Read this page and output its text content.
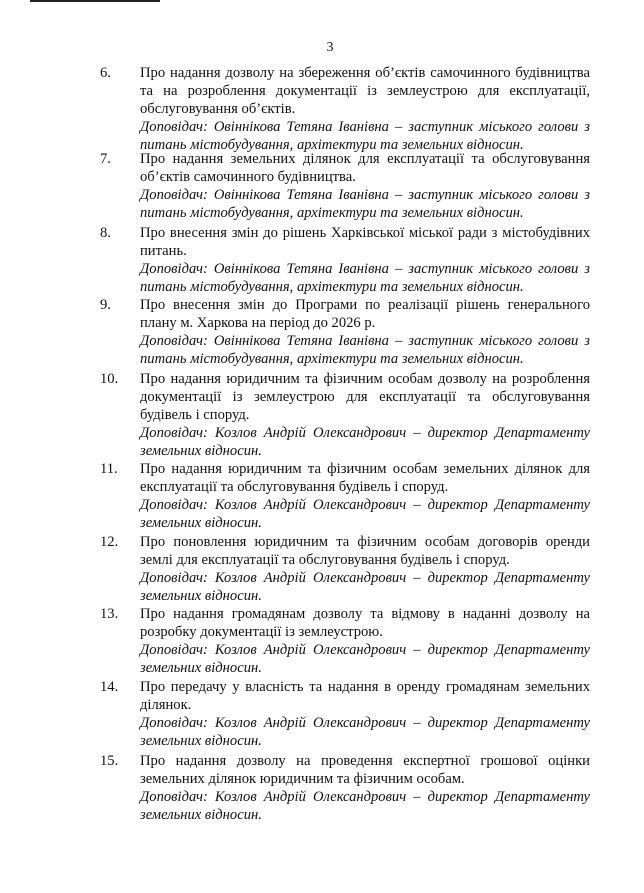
3
6. Про надання дозволу на збереження об’єктів самочинного будівництва та на розроблення документації із землеустрою для експлуатації, обслуговування об’єктів.
Доповідач: Овіннікова Тетяна Іванівна – заступник міського голови з питань містобудування, архітектури та земельних відносин.
7. Про надання земельних ділянок для експлуатації та обслуговування об’єктів самочинного будівництва.
Доповідач: Овіннікова Тетяна Іванівна – заступник міського голови з питань містобудування, архітектури та земельних відносин.
8. Про внесення змін до рішень Харківської міської ради з містобудівних питань.
Доповідач: Овіннікова Тетяна Іванівна – заступник міського голови з питань містобудування, архітектури та земельних відносин.
9. Про внесення змін до Програми по реалізації рішень генерального плану м. Харкова на період до 2026 р.
Доповідач: Овіннікова Тетяна Іванівна – заступник міського голови з питань містобудування, архітектури та земельних відносин.
10. Про надання юридичним та фізичним особам дозволу на розроблення документації із землеустрою для експлуатації та обслуговування будівель і споруд.
Доповідач: Козлов Андрій Олександрович – директор Департаменту земельних відносин.
11. Про надання юридичним та фізичним особам земельних ділянок для експлуатації та обслуговування будівель і споруд.
Доповідач: Козлов Андрій Олександрович – директор Департаменту земельних відносин.
12. Про поновлення юридичним та фізичним особам договорів оренди землі для експлуатації та обслуговування будівель і споруд.
Доповідач: Козлов Андрій Олександрович – директор Департаменту земельних відносин.
13. Про надання громадянам дозволу та відмову в наданні дозволу на розробку документації із землеустрою.
Доповідач: Козлов Андрій Олександрович – директор Департаменту земельних відносин.
14. Про передачу у власність та надання в оренду громадянам земельних ділянок.
Доповідач: Козлов Андрій Олександрович – директор Департаменту земельних відносин.
15. Про надання дозволу на проведення експертної грошової оцінки земельних ділянок юридичним та фізичним особам.
Доповідач: Козлов Андрій Олександрович – директор Департаменту земельних відносин.
